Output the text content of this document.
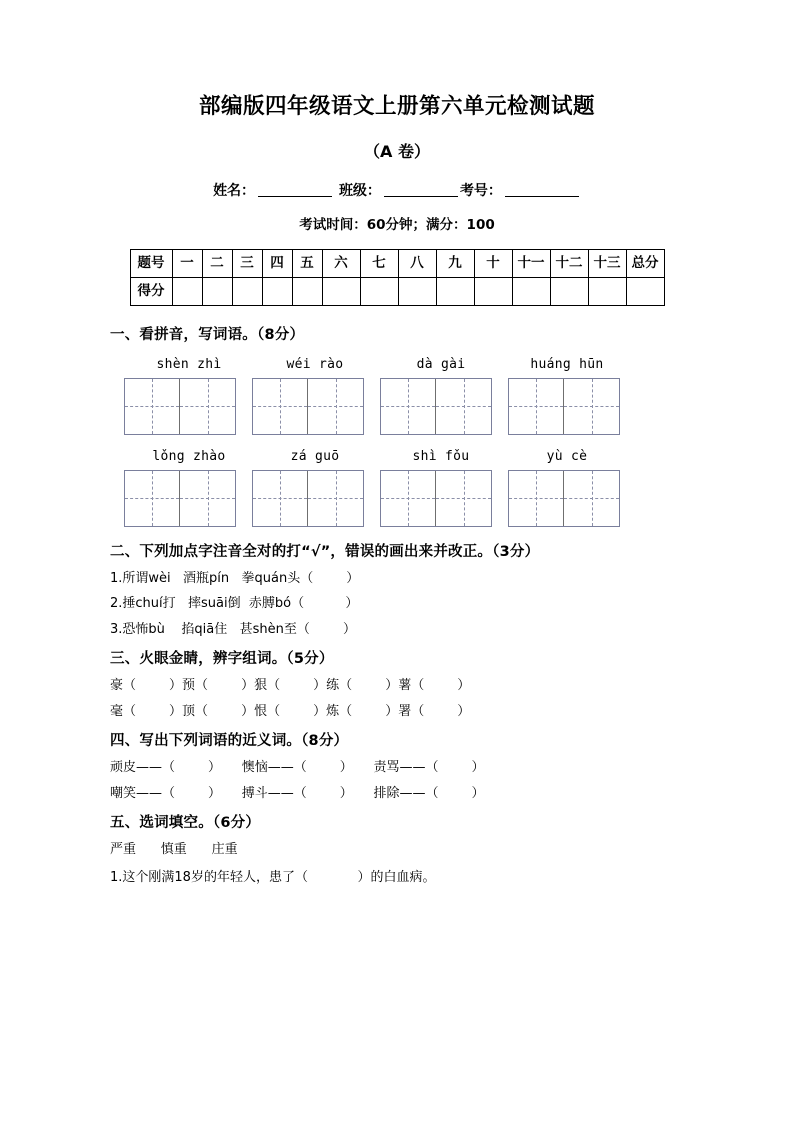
部编版四年级语文上册第六单元检测试题
（A 卷）
姓名：	班级：	考号：
考试时间：60分钟；满分：100
题号	一	二	三	四	五	六	七	八	九	十	十一	十二	十三	总分
得分														
一、看拼音，写词语。（8分）
shèn zhì	wéi rào	dà gài	huáng hūn
lǒng zhào	zá guō	shì fǒu	yù cè
二、下列加点字注音全对的打“√”，错误的画出来并改正。（3分）
1.所谓wèi   酒瓶pín   拳quán头（        ）
2.捶chuí打   摔suāi倒  赤膊bó（          ）
3.恐怖bù    掐qiā住   甚shèn至（        ）
三、火眼金睛，辨字组词。（5分）
豪（        ）预（        ）狠（        ）练（        ）薯（        ）
毫（        ）顶（        ）恨（        ）炼（        ）署（        ）
四、写出下列词语的近义词。（8分）
顽皮——（        ）     懊恼——（        ）     责骂——（        ）
嘲笑——（        ）     搏斗——（        ）     排除——（        ）
五、选词填空。（6分）
严重      慎重      庄重
1.这个刚满18岁的年轻人，患了（            ）的白血病。
